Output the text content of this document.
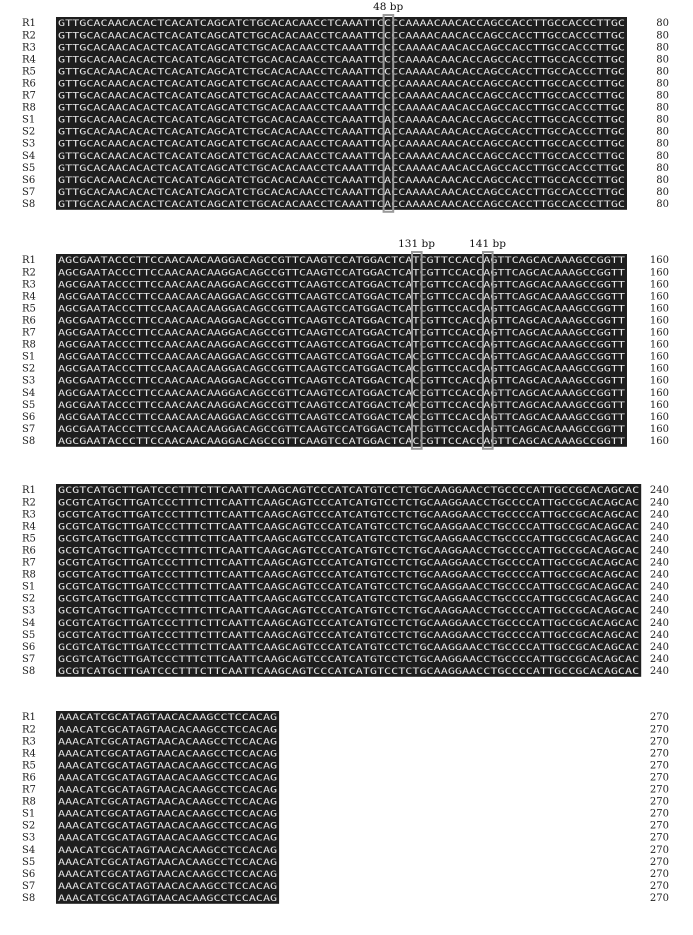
R1 GTTGCACAACACACTCACATCAGCATCTGCACACAACCTCAAATTCCCCAAAACAACACCAGCCACCTTGCCACCCTTGC	80
R2 GTTGCACAACACACTCACATCAGCATCTGCACACAACCTCAAATTCCCCAAAACAACACCAGCCACCTTGCCACCCTTGC	80
R3 GTTGCACAACACACTCACATCAGCATCTGCACACAACCTCAAATTCCCCAAAACAACACCAGCCACCTTGCCACCCTTGC	80
R4 GTTGCACAACACACTCACATCAGCATCTGCACACAACCTCAAATTCCCCAAAACAACACCAGCCACCTTGCCACCCTTGC	80
R5 GTTGCACAACACACTCACATCAGCATCTGCACACAACCTCAAATTCCCCAAAACAACACCAGCCACCTTGCCACCCTTGC	80
R6 GTTGCACAACACACTCACATCAGCATCTGCACACAACCTCAAATTCCCCAAAACAACACCAGCCACCTTGCCACCCTTGC	80
R7 GTTGCACAACACACTCACATCAGCATCTGCACACAACCTCAAATTCCCCAAAACAACACCAGCCACCTTGCCACCCTTGC	80
R8 GTTGCACAACACACTCACATCAGCATCTGCACACAACCTCAAATTCCCCAAAACAACACCAGCCACCTTGCCACCCTTGC	80
S1 GTTGCACAACACACTCACATCAGCATCTGCACACAACCTCAAATTCACCAAAACAACACCAGCCACCTTGCCACCCTTGC	80
S2 GTTGCACAACACACTCACATCAGCATCTGCACACAACCTCAAATTCACCAAAACAACACCAGCCACCTTGCCACCCTTGC	80
S3 GTTGCACAACACACTCACATCAGCATCTGCACACAACCTCAAATTCACCAAAACAACACCAGCCACCTTGCCACCCTTGC	80
S4 GTTGCACAACACACTCACATCAGCATCTGCACACAACCTCAAATTCACCAAAACAACACCAGCCACCTTGCCACCCTTGC	80
S5 GTTGCACAACACACTCACATCAGCATCTGCACACAACCTCAAATTCACCAAAACAACACCAGCCACCTTGCCACCCTTGC	80
S6 GTTGCACAACACACTCACATCAGCATCTGCACACAACCTCAAATTCACCAAAACAACACCAGCCACCTTGCCACCCTTGC	80
S7 GTTGCACAACACACTCACATCAGCATCTGCACACAACCTCAAATTCACCAAAACAACACCAGCCACCTTGCCACCCTTGC	80
S8 GTTGCACAACACACTCACATCAGCATCTGCACACAACCTCAAATTCACCAAAACAACACCAGCCACCTTGCCACCCTTGC	80
48 bp
R1 AGCGAATACCCTTCCAACAACAAGGACAGCCGTTCAAGTCCATGGACTCATCGTTCCACCAGTTCAGCACAAAGCCGGTT 160
R2 AGCGAATACCCTTCCAACAACAAGGACAGCCGTTCAAGTCCATGGACTCATCGTTCCACCAGTTCAGCACAAAGCCGGTT 160
R3 AGCGAATACCCTTCCAACAACAAGGACAGCCGTTCAAGTCCATGGACTCATCGTTCCACCAGTTCAGCACAAAGCCGGTT 160
R4 AGCGAATACCCTTCCAACAACAAGGACAGCCGTTCAAGTCCATGGACTCATCGTTCCACCAGTTCAGCACAAAGCCGGTT 160
R5 AGCGAATACCCTTCCAACAACAAGGACAGCCGTTCAAGTCCATGGACTCATCGTTCCACCAGTTCAGCACAAAGCCGGTT 160
R6 AGCGAATACCCTTCCAACAACAAGGACAGCCGTTCAAGTCCATGGACTCATCGTTCCACCAGTTCAGCACAAAGCCGGTT 160
R7 AGCGAATACCCTTCCAACAACAAGGACAGCCGTTCAAGTCCATGGACTCATCGTTCCACCAGTTCAGCACAAAGCCGGTT 160
R8 AGCGAATACCCTTCCAACAACAAGGACAGCCGTTCAAGTCCATGGACTCATCGTTCCACCAGTTCAGCACAAAGCCGGTT 160
S1 AGCGAATACCCTTCCAACAACAAGGACAGCCGTTCAAGTCCATGGACTCACCGTTCCACCAGTTCAGCACAAAGCCGGTT 160
S2 AGCGAATACCCTTCCAACAACAAGGACAGCCGTTCAAGTCCATGGACTCACCGTTCCACCAGTTCAGCACAAAGCCGGTT 160
S3 AGCGAATACCCTTCCAACAACAAGGACAGCCGTTCAAGTCCATGGACTCACCGTTCCACCAGTTCAGCACAAAGCCGGTT 160
S4 AGCGAATACCCTTCCAACAACAAGGACAGCCGTTCAAGTCCATGGACTCACCGTTCCACCAGTTCAGCACAAAGCCGGTT 160
S5 AGCGAATACCCTTCCAACAACAAGGACAGCCGTTCAAGTCCATGGACTCACCGTTCCACCAGTTCAGCACAAAGCCGGTT 160
S6 AGCGAATACCCTTCCAACAACAAGGACAGCCGTTCAAGTCCATGGACTCACCGTTCCACCAGTTCAGCACAAAGCCGGTT 160
S7 AGCGAATACCCTTCCAACAACAAGGACAGCCGTTCAAGTCCATGGACTCATCGTTCCACCAGTTCAGCACAAAGCCGGTT 160
S8 AGCGAATACCCTTCCAACAACAAGGACAGCCGTTCAAGTCCATGGACTCACCGTTCCACCAGTTCAGCACAAAGCCGGTT 160
131 bp	141 bp
R1 GCGTCATGCTTGATCCCTTTCTTCAATTCAAGCAGTCCCATCATGTCCTCTGCAAGGAACCTGCCCCATTGCCGCACAGCAC 240
R2 GCGTCATGCTTGATCCCTTTCTTCAATTCAAGCAGTCCCATCATGTCCTCTGCAAGGAACCTGCCCCATTGCCGCACAGCAC 240
R3 GCGTCATGCTTGATCCCTTTCTTCAATTCAAGCAGTCCCATCATGTCCTCTGCAAGGAACCTGCCCCATTGCCGCACAGCAC 240
R4 GCGTCATGCTTGATCCCTTTCTTCAATTCAAGCAGTCCCATCATGTCCTCTGCAAGGAACCTGCCCCATTGCCGCACAGCAC 240
R5 GCGTCATGCTTGATCCCTTTCTTCAATTCAAGCAGTCCCATCATGTCCTCTGCAAGGAACCTGCCCCATTGCCGCACAGCAC 240
R6 GCGTCATGCTTGATCCCTTTCTTCAATTCAAGCAGTCCCATCATGTCCTCTGCAAGGAACCTGCCCCATTGCCGCACAGCAC 240
R7 GCGTCATGCTTGATCCCTTTCTTCAATTCAAGCAGTCCCATCATGTCCTCTGCAAGGAACCTGCCCCATTGCCGCACAGCAC 240
R8 GCGTCATGCTTGATCCCTTTCTTCAATTCAAGCAGTCCCATCATGTCCTCTGCAAGGAACCTGCCCCATTGCCGCACAGCAC 240
S1 GCGTCATGCTTGATCCCTTTCTTCAATTCAAGCAGTCCCATCATGTCCTCTGCAAGGAACCTGCCCCATTGCCGCACAGCAC 240
S2 GCGTCATGCTTGATCCCTTTCTTCAATTCAAGCAGTCCCATCATGTCCTCTGCAAGGAACCTGCCCCATTGCCGCACAGCAC 240
S3 GCGTCATGCTTGATCCCTTTCTTCAATTCAAGCAGTCCCATCATGTCCTCTGCAAGGAACCTGCCCCATTGCCGCACAGCAC 240
S4 GCGTCATGCTTGATCCCTTTCTTCAATTCAAGCAGTCCCATCATGTCCTCTGCAAGGAACCTGCCCCATTGCCGCACAGCAC 240
S5 GCGTCATGCTTGATCCCTTTCTTCAATTCAAGCAGTCCCATCATGTCCTCTGCAAGGAACCTGCCCCATTGCCGCACAGCAC 240
S6 GCGTCATGCTTGATCCCTTTCTTCAATTCAAGCAGTCCCATCATGTCCTCTGCAAGGAACCTGCCCCATTGCCGCACAGCAC 240
S7 GCGTCATGCTTGATCCCTTTCTTCAATTCAAGCAGTCCCATCATGTCCTCTGCAAGGAACCTGCCCCATTGCCGCACAGCAC 240
S8 GCGTCATGCTTGATCCCTTTCTTCAATTCAAGCAGTCCCATCATGTCCTCTGCAAGGAACCTGCCCCATTGCCGCACAGCAC 240
R1 AAACATCGCATAGTAACACAAGCCTCCACAG	270
R2 AAACATCGCATAGTAACACAAGCCTCCACAG	270
R3 AAACATCGCATAGTAACACAAGCCTCCACAG	270
R4 AAACATCGCATAGTAACACAAGCCTCCACAG	270
R5 AAACATCGCATAGTAACACAAGCCTCCACAG	270
R6 AAACATCGCATAGTAACACAAGCCTCCACAG	270
R7 AAACATCGCATAGTAACACAAGCCTCCACAG	270
R8 AAACATCGCATAGTAACACAAGCCTCCACAG	270
S1 AAACATCGCATAGTAACACAAGCCTCCACAG	270
S2 AAACATCGCATAGTAACACAAGCCTCCACAG	270
S3 AAACATCGCATAGTAACACAAGCCTCCACAG	270
S4 AAACATCGCATAGTAACACAAGCCTCCACAG	270
S5 AAACATCGCATAGTAACACAAGCCTCCACAG	270
S6 AAACATCGCATAGTAACACAAGCCTCCACAG	270
S7 AAACATCGCATAGTAACACAAGCCTCCACAG	270
S8 AAACATCGCATAGTAACACAAGCCTCCACAG	270
